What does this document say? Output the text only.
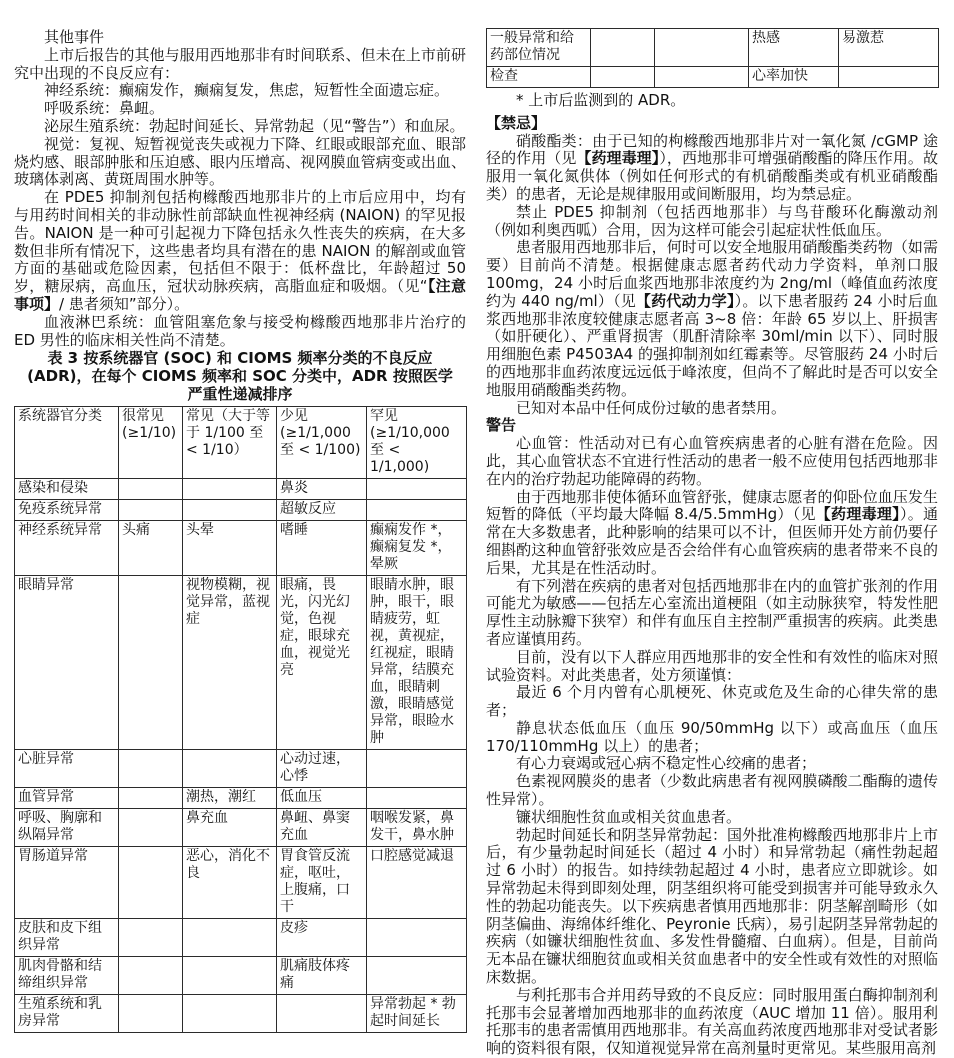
其他事件

上市后报告的其他与服用西地那非有时间联系、但未在上市前研究中出现的不良反应有：

神经系统：癫痫发作，癫痫复发，焦虑，短暂性全面遗忘症。

呼吸系统：鼻衄。

泌尿生殖系统：勃起时间延长、异常勃起（见“警告”）和血尿。

视觉：复视、短暂视觉丧失或视力下降、红眼或眼部充血、眼部烧灼感、眼部肿胀和压迫感、眼内压增高、视网膜血管病变或出血、玻璃体剥离、黄斑周围水肿等。

在 PDE5 抑制剂包括枸橼酸西地那非片的上市后应用中，均有与用药时间相关的非动脉性前部缺血性视神经病 (NAION) 的罕见报告。NAION 是一种可引起视力下降包括永久性丧失的疾病，在大多数但非所有情况下，这些患者均具有潜在的患 NAION 的解剖或血管方面的基础或危险因素，包括但不限于：低杯盘比，年龄超过 50 岁，糖尿病，高血压，冠状动脉疾病，高脂血症和吸烟。（见“【注意事项】/ 患者须知”部分）。

血液淋巴系统：血管阻塞危象与接受枸橼酸西地那非片治疗的 ED 男性的临床相关性尚不清楚。

表 3 按系统器官 (SOC) 和 CIOMS 频率分类的不良反应 (ADR)，在每个 CIOMS 频率和 SOC 分类中，ADR 按照医学严重性递减排序
系统器官分类	很常见 (≥1/10)	常见（大于等于 1/100 至 < 1/10）	少见 (≥1/1,000 至 < 1/100)	罕见 (≥1/10,000 至 < 1/1,000)
感染和侵染			鼻炎	
免疫系统异常			超敏反应	
神经系统异常	头痛	头晕	嗜睡	癫痫发作 *，癫痫复发 *，晕厥
眼睛异常		视物模糊，视觉异常，蓝视症	眼痛，畏光，闪光幻觉，色视症，眼球充血，视觉光亮	眼睛水肿，眼肿，眼干，眼睛疲劳，虹视，黄视症，红视症，眼睛异常，结膜充血，眼睛刺激，眼睛感觉异常，眼睑水肿
心脏异常			心动过速，心悸	
血管异常		潮热，潮红	低血压	
呼吸、胸廓和纵隔异常		鼻充血	鼻衄、鼻窦充血	咽喉发紧，鼻发干，鼻水肿
胃肠道异常		恶心，消化不良	胃食管反流症，呕吐，上腹痛，口干	口腔感觉减退
皮肤和皮下组织异常			皮疹	
肌肉骨骼和结缔组织异常			肌痛肢体疼痛	
生殖系统和乳房异常				异常勃起 * 勃起时间延长
一般异常和给药部位情况			热感	易激惹
检查			心率加快	

* 上市后监测到的 ADR。

【禁忌】

硝酸酯类：由于已知的枸橼酸西地那非片对一氧化氮 /cGMP 途径的作用（见【药理毒理】），西地那非可增强硝酸酯的降压作用。故服用一氧化氮供体（例如任何形式的有机硝酸酯类或有机亚硝酸酯类）的患者，无论是规律服用或间断服用，均为禁忌症。

禁止 PDE5 抑制剂（包括西地那非）与鸟苷酸环化酶激动剂（例如利奥西呱）合用，因为这样可能会引起症状性低血压。

患者服用西地那非后，何时可以安全地服用硝酸酯类药物（如需要）目前尚不清楚。根据健康志愿者药代动力学资料，单剂口服 100mg，24 小时后血浆西地那非浓度约为 2ng/ml（峰值血药浓度约为 440 ng/ml）（见【药代动力学】）。以下患者服药 24 小时后血浆西地那非浓度较健康志愿者高 3~8 倍：年龄 65 岁以上、肝损害（如肝硬化）、严重肾损害（肌酐清除率 30ml/min 以下）、同时服用细胞色素 P4503A4 的强抑制剂如红霉素等。尽管服药 24 小时后的西地那非血药浓度远远低于峰浓度，但尚不了解此时是否可以安全地服用硝酸酯类药物。

已知对本品中任何成份过敏的患者禁用。

警告

心血管：性活动对已有心血管疾病患者的心脏有潜在危险。因此，其心血管状态不宜进行性活动的患者一般不应使用包括西地那非在内的治疗勃起功能障碍的药物。

由于西地那非使体循环血管舒张，健康志愿者的仰卧位血压发生短暂的降低（平均最大降幅 8.4/5.5mmHg）（见【药理毒理】）。通常在大多数患者，此种影响的结果可以不计，但医师开处方前仍要仔细斟酌这种血管舒张效应是否会给伴有心血管疾病的患者带来不良的后果，尤其是在性活动时。

有下列潜在疾病的患者对包括西地那非在内的血管扩张剂的作用可能尤为敏感——包括左心室流出道梗阻（如主动脉狭窄，特发性肥厚性主动脉瓣下狭窄）和伴有血压自主控制严重损害的疾病。此类患者应谨慎用药。

目前，没有以下人群应用西地那非的安全性和有效性的临床对照试验资料。对此类患者，处方须谨慎：

最近 6 个月内曾有心肌梗死、休克或危及生命的心律失常的患者；

静息状态低血压（血压 90/50mmHg 以下）或高血压（血压 170/110mmHg 以上）的患者；

有心力衰竭或冠心病不稳定性心绞痛的患者；

色素视网膜炎的患者（少数此病患者有视网膜磷酸二酯酶的遗传性异常）。

镰状细胞性贫血或相关贫血患者。

勃起时间延长和阴茎异常勃起：国外批准枸橼酸西地那非片上市后，有少量勃起时间延长（超过 4 小时）和异常勃起（痛性勃起超过 6 小时）的报告。如持续勃起超过 4 小时，患者应立即就诊。如异常勃起未得到即刻处理，阴茎组织将可能受到损害并可能导致永久性的勃起功能丧失。以下疾病患者慎用西地那非：阴茎解剖畸形（如阴茎偏曲、海绵体纤维化、Peyronie 氏病），易引起阴茎异常勃起的疾病（如镰状细胞性贫血、多发性骨髓瘤、白血病）。但是，目前尚无本品在镰状细胞贫血或相关贫血患者中的安全性或有效性的对照临床数据。

与利托那韦合并用药导致的不良反应：同时服用蛋白酶抑制剂利托那韦会显著增加西地那非的血药浓度（AUC 增加 11 倍）。服用利托那韦的患者需慎用西地那非。有关高血药浓度西地那非对受试者影响的资料很有限，仅知道视觉异常在高剂量时更常见。某些服用高剂
